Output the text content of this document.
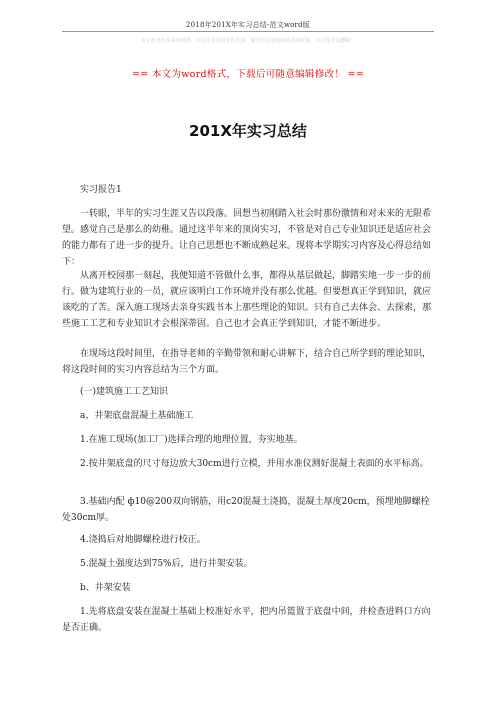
2018年201X年实习总结-范文word版
本文部分内容来自网络，本司不为其真实性负责，如有异议或侵权请及时联系，本司将予以删除！
== 本文为word格式，下载后可随意编辑修改！ ==
201X年实习总结

实习报告1

一转眼，半年的实习生涯又告以段落。回想当初刚踏入社会时那份激情和对未来的无限希望。感觉自己是那么的幼稚。通过这半年来的顶岗实习，不管是对自己专业知识还是适应社会的能力都有了进一步的提升。让自己思想也不断成熟起来。现将本学期实习内容及心得总结如下：

从离开校园那一刻起，我便知道不管做什么事，都得从基层做起，脚踏实地一步一步的前行。做为建筑行业的一员，就应该明白工作环境并没有那么优越。但要想真正学到知识，就应该吃的了苦。深入施工现场去亲身实践书本上那些理论的知识。只有自己去体会、去探索，那些施工工艺和专业知识才会根深蒂固。自己也才会真正学到知识，才能不断进步。

在现场这段时间里，在指导老师的辛勤带领和耐心讲解下，结合自己所学到的理论知识，将这段时间的实习内容总结为三个方面。

(一)建筑施工工艺知识

a、井架底盘混凝土基础施工

1.在施工现场(加工厂)选择合理的地理位置，夯实地基。

2.按井架底盘的尺寸每边放大30cm进行立模，并用水准仪测好混凝土表面的水平标高。

3.基础内配 ф10@200双向钢筋，用c20混凝土浇捣，混凝土厚度20cm，预埋地脚螺栓处30cm厚。

4.浇捣后对地脚螺栓进行校正。

5.混凝土强度达到75%后，进行井架安装。

b、井架安装

1.先将底盘安装在混凝土基础上校准好水平，把内吊篮置于底盘中间，并检查进料口方向是否正确。
